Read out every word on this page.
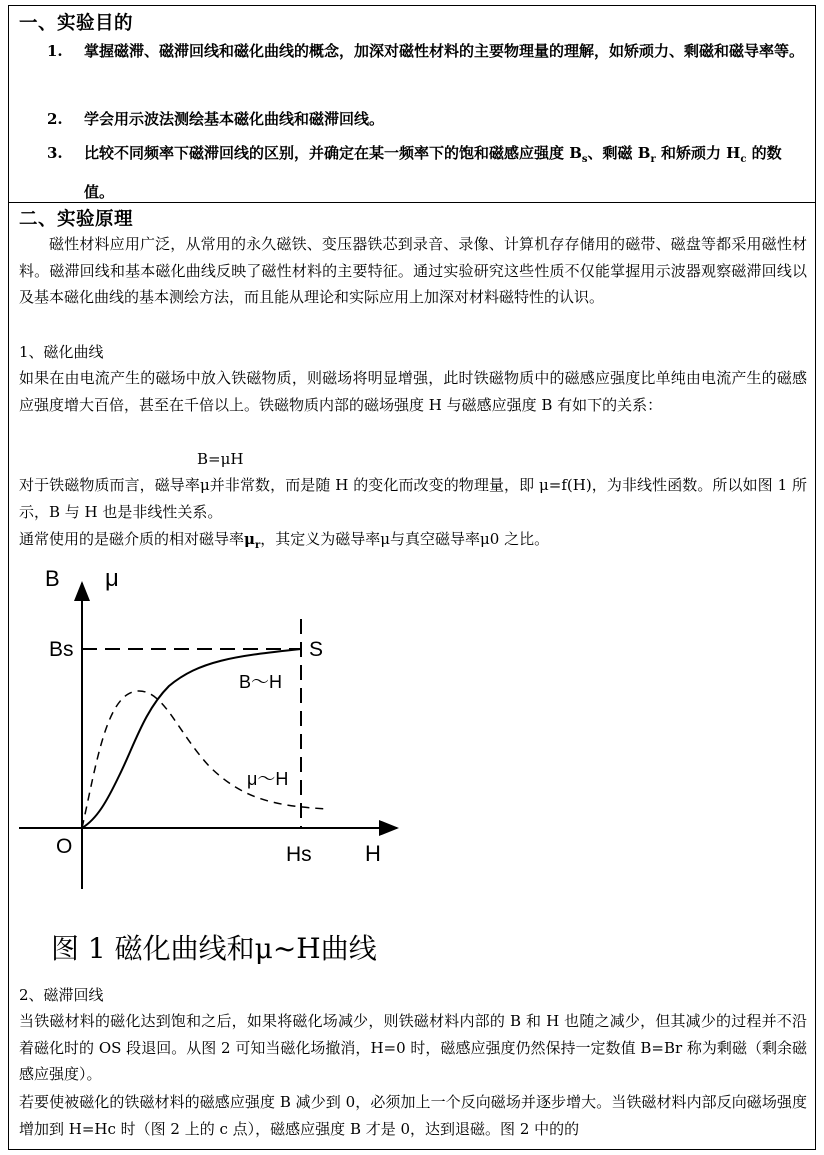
一、实验目的
1.	掌握磁滞、磁滞回线和磁化曲线的概念，加深对磁性材料的主要物理量的理解，如矫顽力、剩磁和磁导率等。
2.	学会用示波法测绘基本磁化曲线和磁滞回线。
3.	比较不同频率下磁滞回线的区别，并确定在某一频率下的饱和磁感应强度 $B_s$、剩磁 $B_r$ 和矫顽力 $H_c$ 的数值。
二、实验原理
磁性材料应用广泛，从常用的永久磁铁、变压器铁芯到录音、录像、计算机存存储用的磁带、磁盘等都采用磁性材料。磁滞回线和基本磁化曲线反映了磁性材料的主要特征。通过实验研究这些性质不仅能掌握用示波器观察磁滞回线以及基本磁化曲线的基本测绘方法，而且能从理论和实际应用上加深对材料磁特性的认识。
1、磁化曲线
如果在由电流产生的磁场中放入铁磁物质，则磁场将明显增强，此时铁磁物质中的磁感应强度比单纯由电流产生的磁感应强度增大百倍，甚至在千倍以上。铁磁物质内部的磁场强度 H 与磁感应强度 B 有如下的关系：
B=μH
对于铁磁物质而言，磁导率μ并非常数，而是随 H 的变化而改变的物理量，即 μ=f(H)，为非线性函数。所以如图 1 所示，B 与 H 也是非线性关系。
通常使用的是磁介质的相对磁导率$\mu_r$，其定义为磁导率μ与真空磁导率μ0 之比。
B μ
Bs	S
B～H
μ～H
O	Hs H
图 1 磁化曲线和μ~H曲线
2、磁滞回线
当铁磁材料的磁化达到饱和之后，如果将磁化场减少，则铁磁材料内部的 B 和 H 也随之减少，但其减少的过程并不沿着磁化时的 OS 段退回。从图 2 可知当磁化场撤消，H=0 时，磁感应强度仍然保持一定数值 B=Br 称为剩磁（剩余磁感应强度）。
若要使被磁化的铁磁材料的磁感应强度 B 减少到 0，必须加上一个反向磁场并逐步增大。当铁磁材料内部反向磁场强度增加到 H=Hc 时（图 2 上的 c 点），磁感应强度 B 才是 0，达到退磁。图 2 中的的
